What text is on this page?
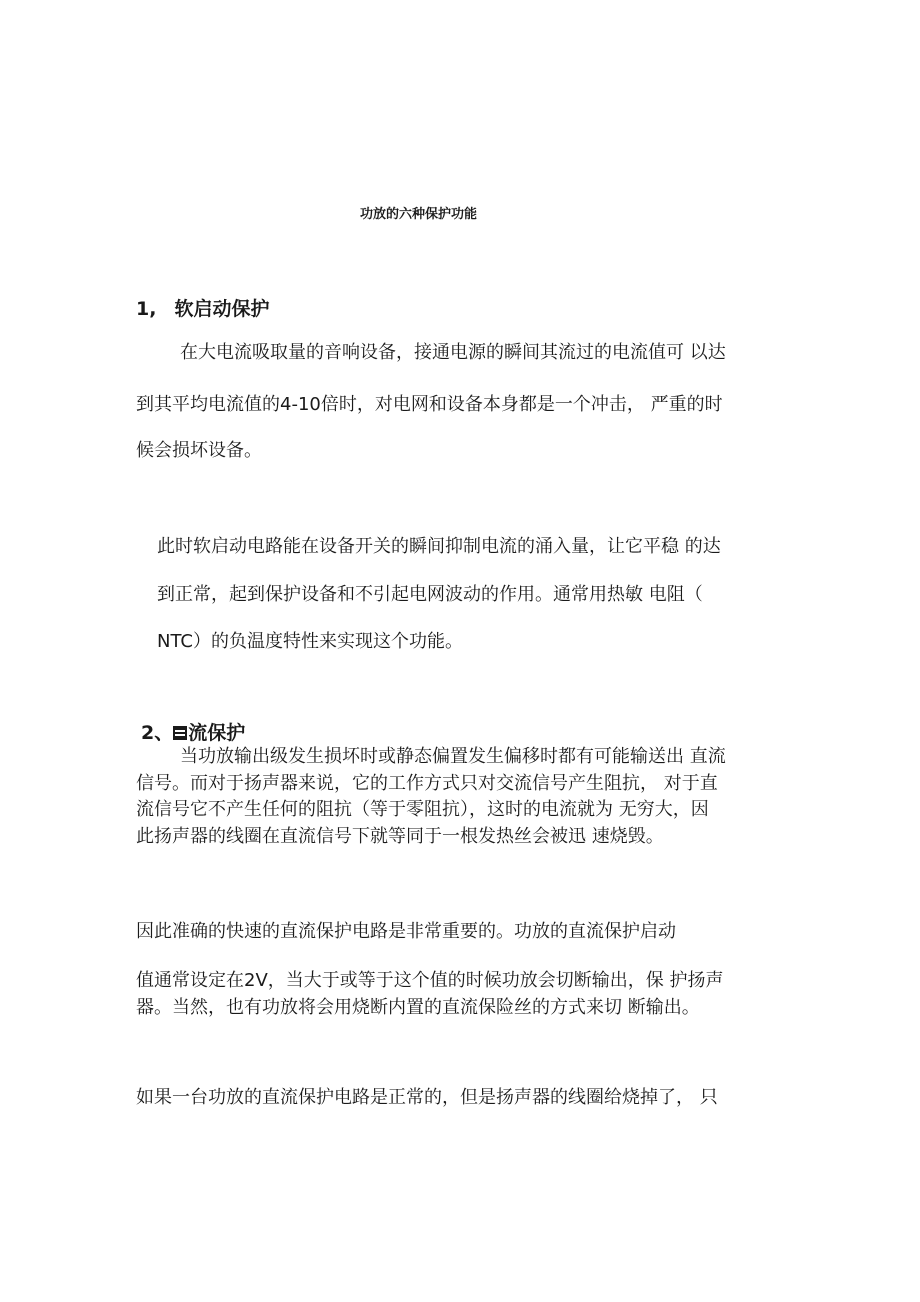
功放的六种保护功能

1, 软启动保护

在大电流吸取量的音响设备，接通电源的瞬间其流过的电流值可 以达

到其平均电流值的4-10倍时，对电网和设备本身都是一个冲击， 严重的时

候会损坏设备。

此时软启动电路能在设备开关的瞬间抑制电流的涌入量，让它平稳 的达

到正常，起到保护设备和不引起电网波动的作用。通常用热敏 电阻（

NTC）的负温度特性来实现这个功能。

2、 流保护

当功放输出级发生损坏时或静态偏置发生偏移时都有可能输送出 直流

信号。而对于扬声器来说，它的工作方式只对交流信号产生阻抗， 对于直

流信号它不产生任何的阻抗（等于零阻抗），这时的电流就为 无穷大，因

此扬声器的线圈在直流信号下就等同于一根发热丝会被迅 速烧毁。

因此准确的快速的直流保护电路是非常重要的。功放的直流保护启动

值通常设定在2V，当大于或等于这个值的时候功放会切断输出，保 护扬声

器。当然，也有功放将会用烧断内置的直流保险丝的方式来切 断输出。

如果一台功放的直流保护电路是正常的，但是扬声器的线圈给烧掉了， 只
